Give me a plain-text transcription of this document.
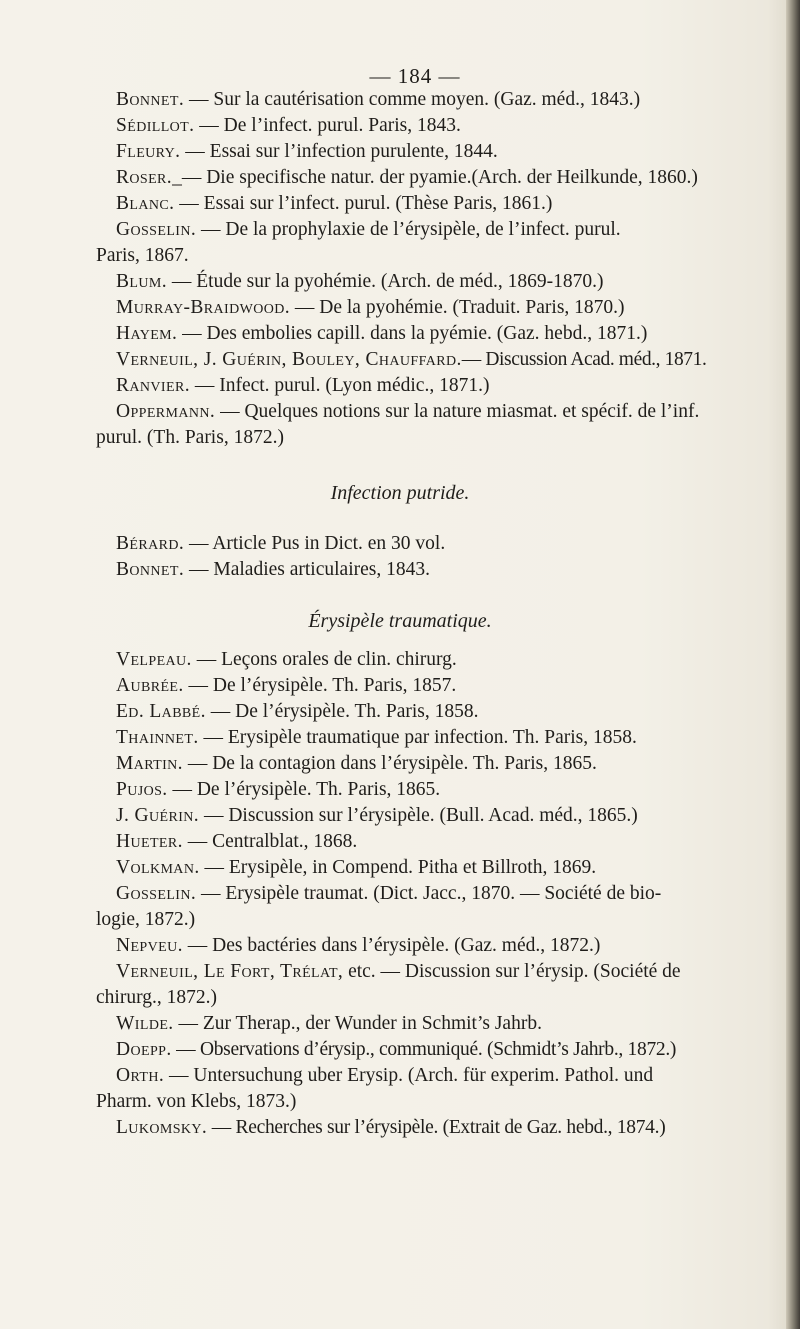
— 184 —
Bonnet. — Sur la cautérisation comme moyen. (Gaz. méd., 1843.)
Sédillot. — De l’infect. purul. Paris, 1843.
Fleury. — Essai sur l’infection purulente, 1844.
Roser._— Die specifische natur. der pyamie.(Arch. der Heilkunde, 1860.)
Blanc. — Essai sur l’infect. purul. (Thèse Paris, 1861.)
Gosselin. — De la prophylaxie de l’érysipèle, de l’infect. purul.
Paris, 1867.
Blum. — Étude sur la pyohémie. (Arch. de méd., 1869-1870.)
Murray-Braidwood. — De la pyohémie. (Traduit. Paris, 1870.)
Hayem. — Des embolies capill. dans la pyémie. (Gaz. hebd., 1871.)
Verneuil, J. Guérin, Bouley, Chauffard.— Discussion Acad. méd., 1871.
Ranvier. — Infect. purul. (Lyon médic., 1871.)
Oppermann. — Quelques notions sur la nature miasmat. et spécif. de l’inf.
purul. (Th. Paris, 1872.)
Infection putride.
Bérard. — Article Pus in Dict. en 30 vol.
Bonnet. — Maladies articulaires, 1843.
Érysipèle traumatique.
Velpeau. — Leçons orales de clin. chirurg.
Aubrée. — De l’érysipèle. Th. Paris, 1857.
Ed. Labbé. — De l’érysipèle. Th. Paris, 1858.
Thainnet. — Erysipèle traumatique par infection. Th. Paris, 1858.
Martin. — De la contagion dans l’érysipèle. Th. Paris, 1865.
Pujos. — De l’érysipèle. Th. Paris, 1865.
J. Guérin. — Discussion sur l’érysipèle. (Bull. Acad. méd., 1865.)
Hueter. — Centralblat., 1868.
Volkman. — Erysipèle, in Compend. Pitha et Billroth, 1869.
Gosselin. — Erysipèle traumat. (Dict. Jacc., 1870. — Société de bio-
logie, 1872.)
Nepveu. — Des bactéries dans l’érysipèle. (Gaz. méd., 1872.)
Verneuil, Le Fort, Trélat, etc. — Discussion sur l’érysip. (Société de
chirurg., 1872.)
Wilde. — Zur Therap., der Wunder in Schmit’s Jahrb.
Doepp. — Observations d’érysip., communiqué. (Schmidt’s Jahrb., 1872.)
Orth. — Untersuchung uber Erysip. (Arch. für experim. Pathol. und
Pharm. von Klebs, 1873.)
Lukomsky. — Recherches sur l’érysipèle. (Extrait de Gaz. hebd., 1874.)
